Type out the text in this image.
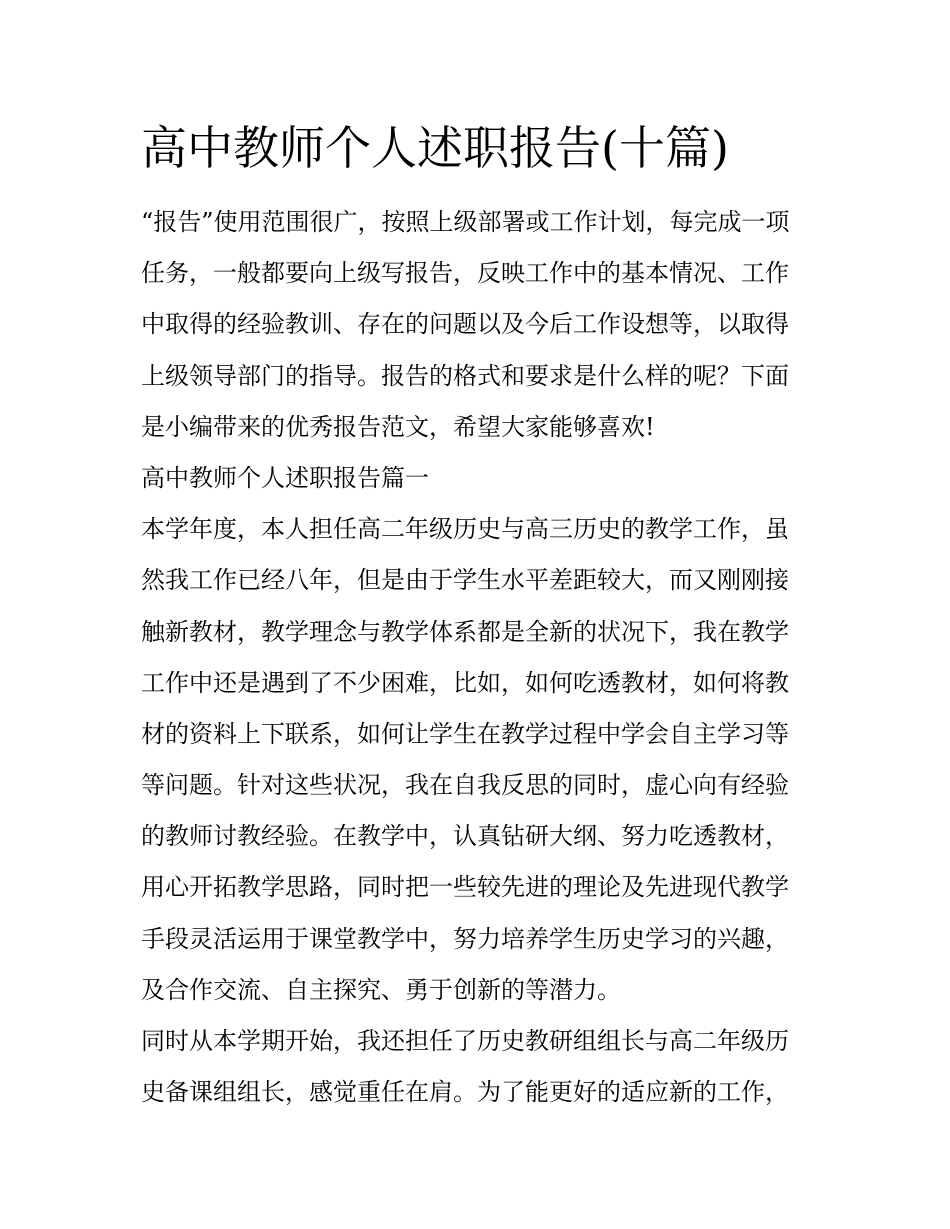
高中教师个人述职报告(十篇)
“报告”使用范围很广，按照上级部署或工作计划，每完成一项
任务，一般都要向上级写报告，反映工作中的基本情况、工作
中取得的经验教训、存在的问题以及今后工作设想等，以取得
上级领导部门的指导。报告的格式和要求是什么样的呢？下面
是小编带来的优秀报告范文，希望大家能够喜欢!
高中教师个人述职报告篇一
本学年度，本人担任高二年级历史与高三历史的教学工作，虽
然我工作已经八年，但是由于学生水平差距较大，而又刚刚接
触新教材，教学理念与教学体系都是全新的状况下，我在教学
工作中还是遇到了不少困难，比如，如何吃透教材，如何将教
材的资料上下联系，如何让学生在教学过程中学会自主学习等
等问题。针对这些状况，我在自我反思的同时，虚心向有经验
的教师讨教经验。在教学中，认真钻研大纲、努力吃透教材，
用心开拓教学思路，同时把一些较先进的理论及先进现代教学
手段灵活运用于课堂教学中，努力培养学生历史学习的兴趣，
及合作交流、自主探究、勇于创新的等潜力。
同时从本学期开始，我还担任了历史教研组组长与高二年级历
史备课组组长，感觉重任在肩。为了能更好的适应新的工作，
